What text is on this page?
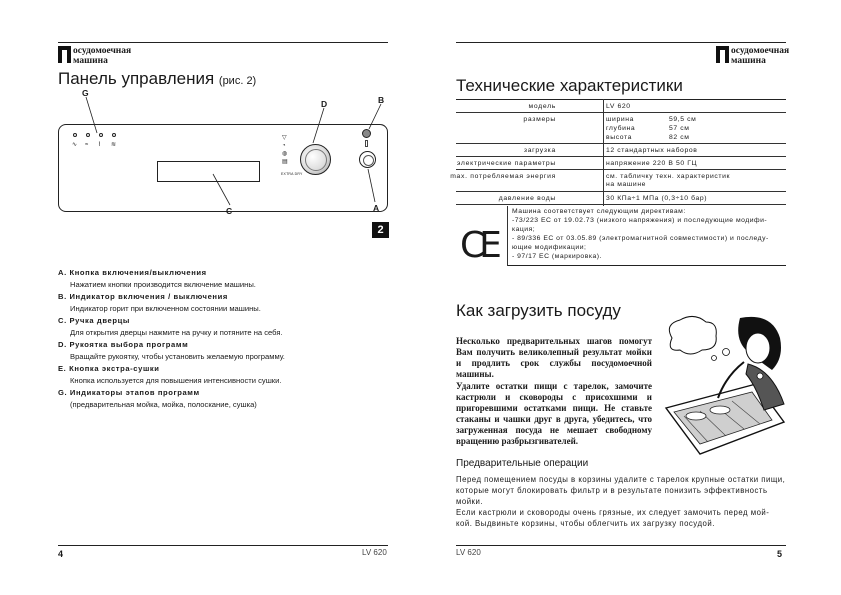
осудомоечная
машина
Панель управления (рис. 2)
∿ ≈ ⌇ ≋
▽
◔
◍
▤
EXTRA DRY
G
D	B
A
C
2
A. Кнопка включения/выключения
Нажатием кнопки производится включение машины.
B. Индикатор включения / выключения
Индикатор горит при включенном состоянии машины.
C. Ручка дверцы
Для открытия дверцы нажмите на ручку и потяните на себя.
D. Рукоятка выбора программ
Вращайте рукоятку, чтобы установить желаемую программу.
E. Кнопка экстра-сушки
Кнопка используется для повышения интенсивности сушки.
G. Индикаторы этапов программ
(предварительная мойка, мойка, полоскание, сушка)
4	LV 620
осудомоечная
машина
Технические характеристики
модель	LV 620
размеры	ширина	59,5 см
глубина	57 см
высота	82 см
загрузка	12 стандартных наборов
электрические параметры	напряжение 220 В 50 ГЦ
max. потребляемая энергия	см. табличку техн. характеристик
на машине
давление воды	30 КПа÷1 МПа (0,3÷10 бар)
CE
Машина соответствует следующим директивам:
-73/223 ЕС от 19.02.73 (низкого напряжения) и последующие модифи-
кация;
- 89/336 ЕС от 03.05.89 (электромагнитной совместимости) и последу-
ющие модификации;
- 97/17 ЕС (маркировка).
Как загрузить посуду
Несколько предварительных шагов помогут Вам получить великолепный результат мойки и продлить срок службы посудомоечной машины.
Удалите остатки пищи с тарелок, замочите кастрюли и сковороды с присохшими и пригоревшими остатками пищи. Не ставьте стаканы и чашки друг в друга, убедитесь, что загруженная посуда не мешает свободному вращению разбрызгивателей.
Предварительные операции
Перед помещением посуды в корзины удалите с тарелок крупные остатки пищи,
которые могут блокировать фильтр и в результате понизить эффективность
мойки.
Если кастрюли и сковороды очень грязные, их следует замочить перед мой-
кой. Выдвиньте корзины, чтобы облегчить их загрузку посудой.
LV 620	5
